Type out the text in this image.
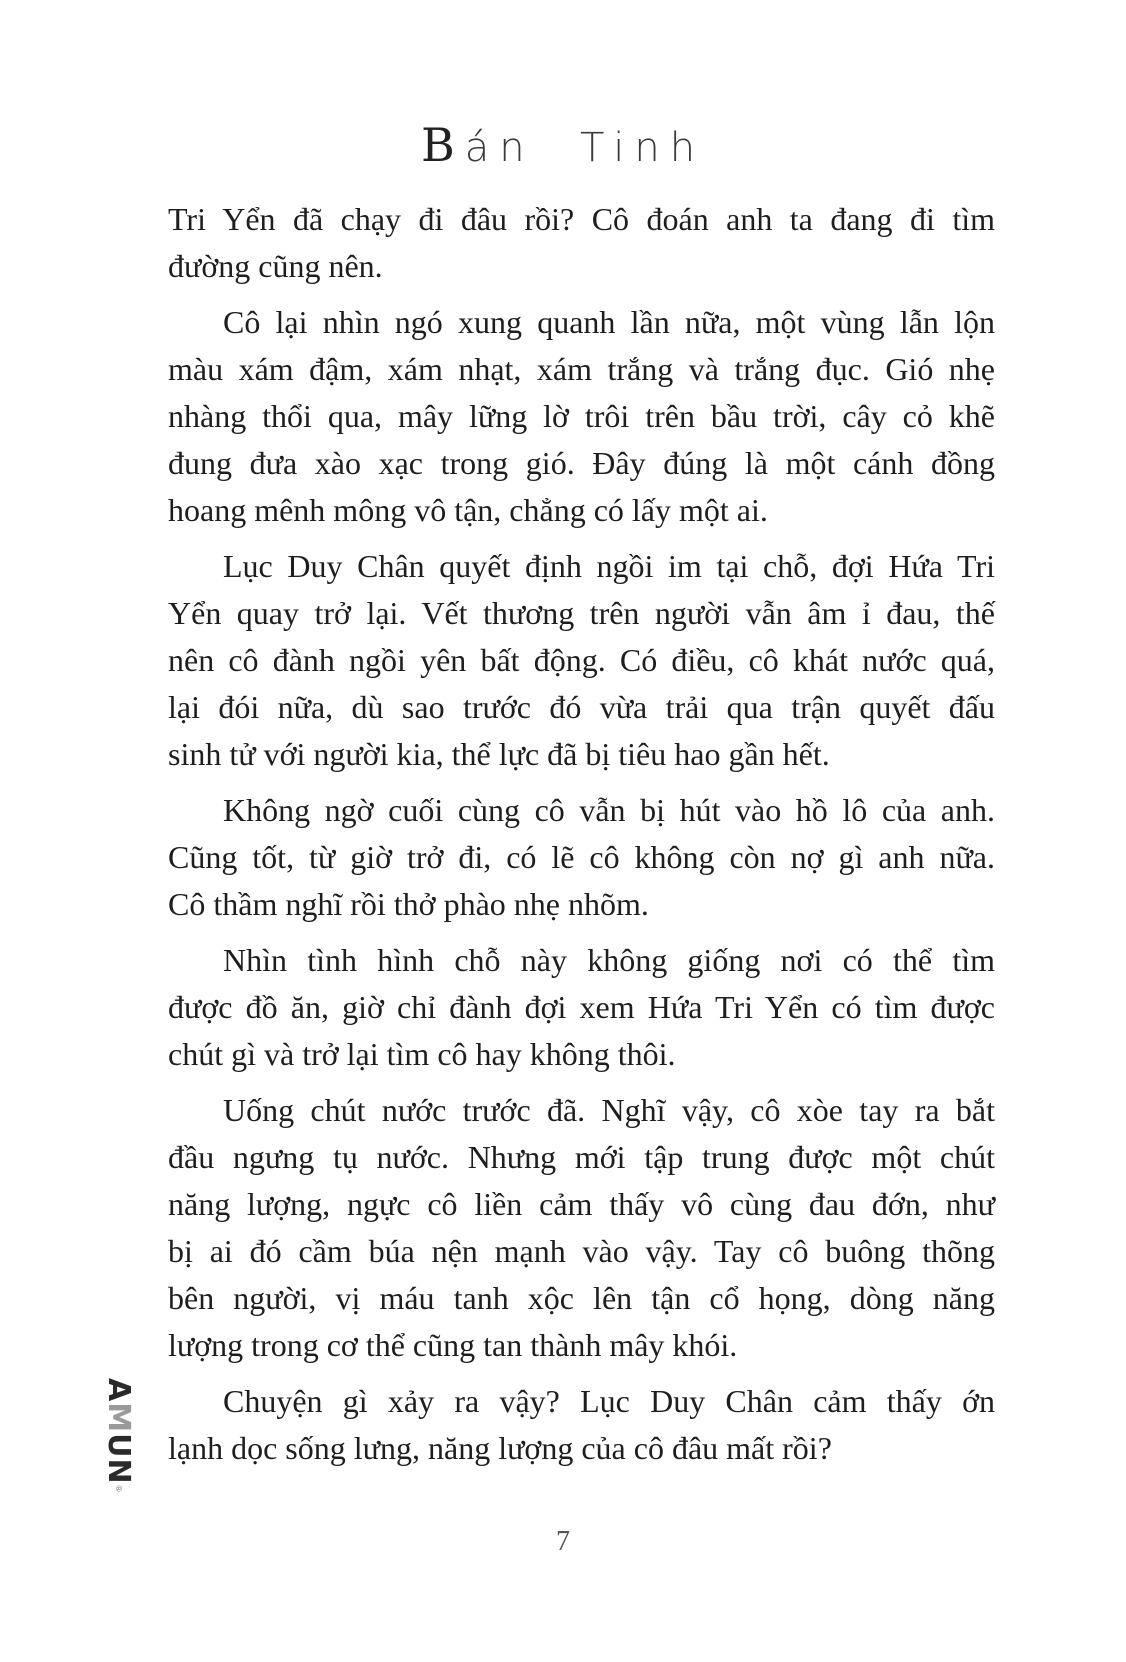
Bán  Tinh
Tri Yển đã chạy đi đâu rồi? Cô đoán anh ta đang đi tìm
đường cũng nên.
Cô lại nhìn ngó xung quanh lần nữa, một vùng lẫn lộn
màu xám đậm, xám nhạt, xám trắng và trắng đục. Gió nhẹ
nhàng thổi qua, mây lững lờ trôi trên bầu trời, cây cỏ khẽ
đung đưa xào xạc trong gió. Đây đúng là một cánh đồng
hoang mênh mông vô tận, chẳng có lấy một ai.
Lục Duy Chân quyết định ngồi im tại chỗ, đợi Hứa Tri
Yển quay trở lại. Vết thương trên người vẫn âm ỉ đau, thế
nên cô đành ngồi yên bất động. Có điều, cô khát nước quá,
lại đói nữa, dù sao trước đó vừa trải qua trận quyết đấu
sinh tử với người kia, thể lực đã bị tiêu hao gần hết.
Không ngờ cuối cùng cô vẫn bị hút vào hồ lô của anh.
Cũng tốt, từ giờ trở đi, có lẽ cô không còn nợ gì anh nữa.
Cô thầm nghĩ rồi thở phào nhẹ nhõm.
Nhìn tình hình chỗ này không giống nơi có thể tìm
được đồ ăn, giờ chỉ đành đợi xem Hứa Tri Yển có tìm được
chút gì và trở lại tìm cô hay không thôi.
Uống chút nước trước đã. Nghĩ vậy, cô xòe tay ra bắt
đầu ngưng tụ nước. Nhưng mới tập trung được một chút
năng lượng, ngực cô liền cảm thấy vô cùng đau đớn, như
bị ai đó cầm búa nện mạnh vào vậy. Tay cô buông thõng
bên người, vị máu tanh xộc lên tận cổ họng, dòng năng
lượng trong cơ thể cũng tan thành mây khói.
Chuyện gì xảy ra vậy? Lục Duy Chân cảm thấy ớn
lạnh dọc sống lưng, năng lượng của cô đâu mất rồi?
7
AMUN®
